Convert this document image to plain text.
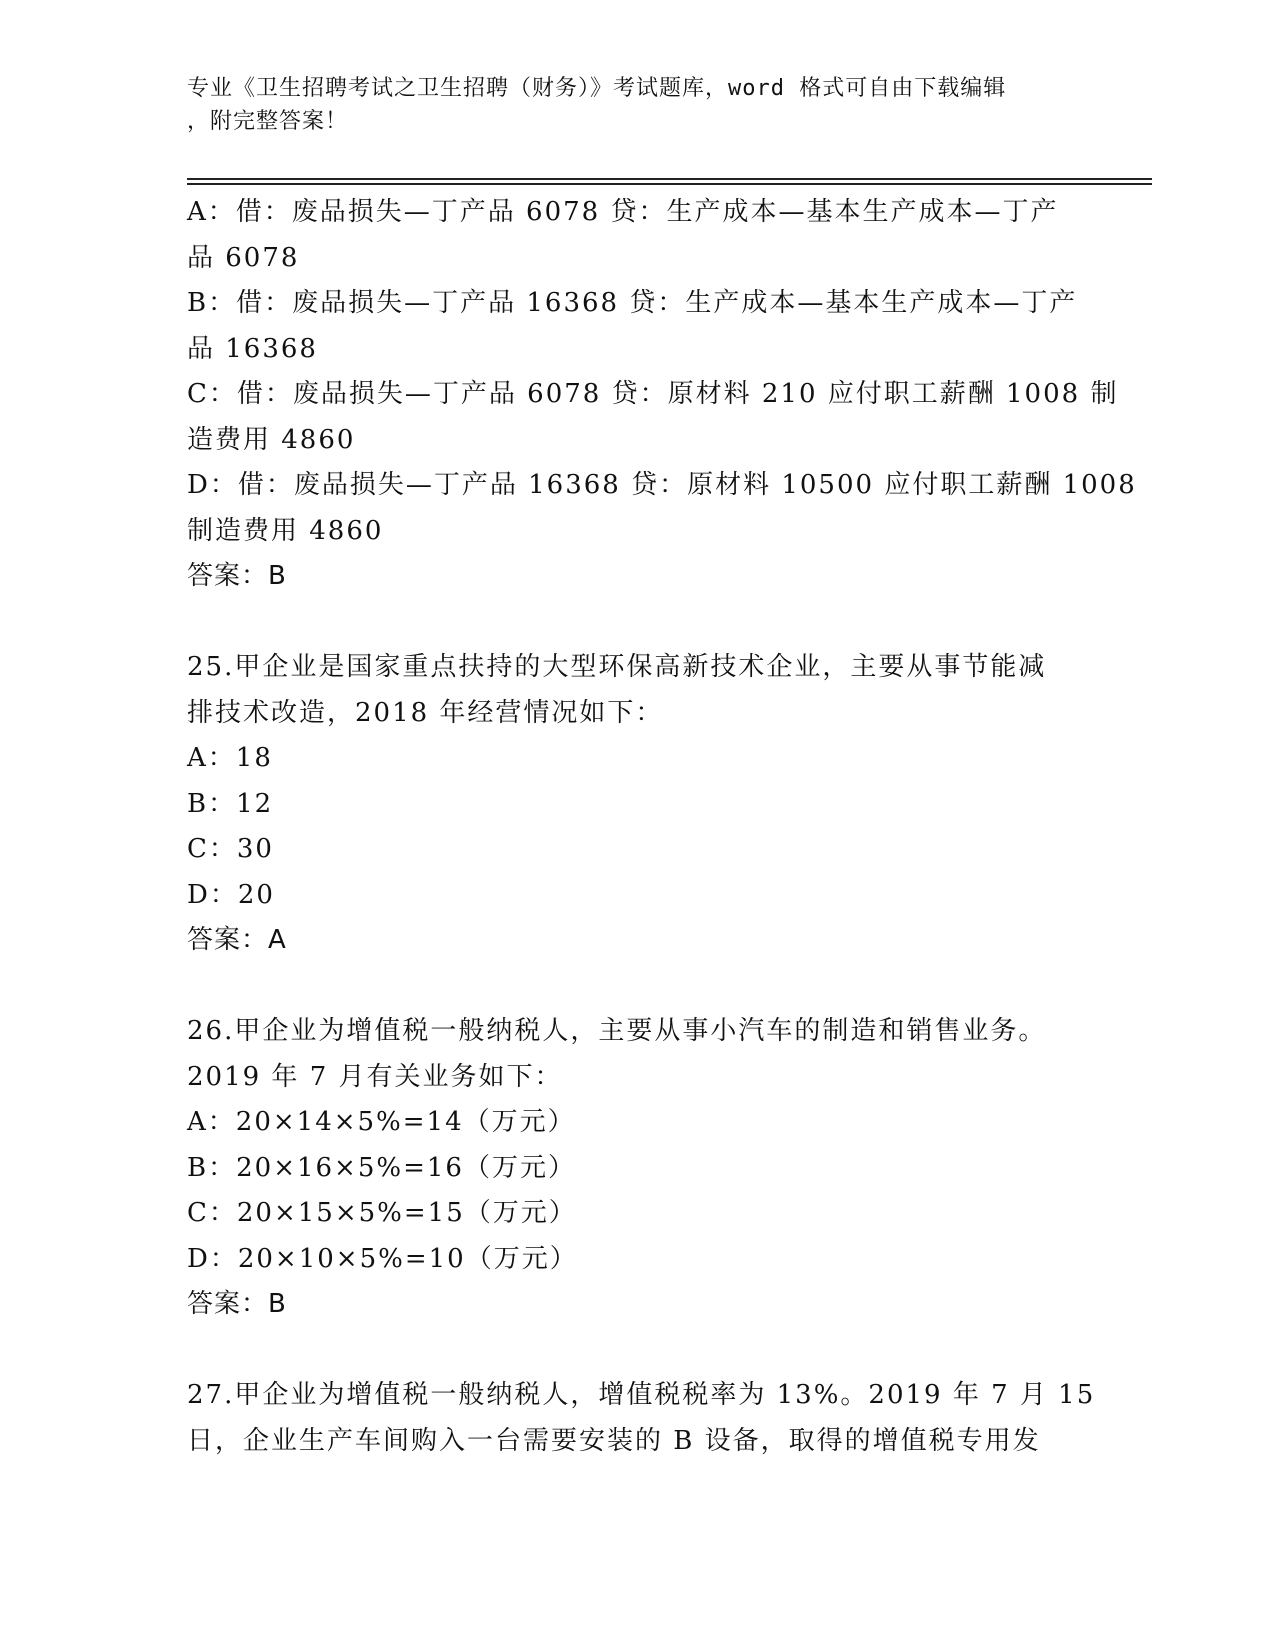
专业《卫生招聘考试之卫生招聘（财务）》考试题库，word 格式可自由下载编辑
，附完整答案！
A：借：废品损失—丁产品 6078 贷：生产成本—基本生产成本—丁产
品 6078
B：借：废品损失—丁产品 16368 贷：生产成本—基本生产成本—丁产
品 16368
C：借：废品损失—丁产品 6078 贷：原材料 210 应付职工薪酬 1008 制
造费用 4860
D：借：废品损失—丁产品 16368 贷：原材料 10500 应付职工薪酬 1008
制造费用 4860
答案：B
25.甲企业是国家重点扶持的大型环保高新技术企业，主要从事节能减
排技术改造，2018 年经营情况如下：
A：18
B：12
C：30
D：20
答案：A
26.甲企业为增值税一般纳税人，主要从事小汽车的制造和销售业务。
2019 年 7 月有关业务如下：
A：20×14×5%=14（万元）
B：20×16×5%=16（万元）
C：20×15×5%=15（万元）
D：20×10×5%=10（万元）
答案：B
27.甲企业为增值税一般纳税人，增值税税率为 13%。2019 年 7 月 15
日，企业生产车间购入一台需要安装的 B 设备，取得的增值税专用发
